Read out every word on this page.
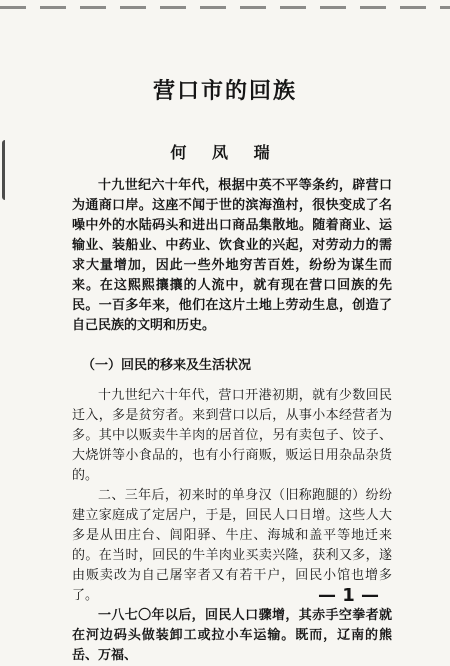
营口市的回族
何 凤 瑞

十九世纪六十年代，根据中英不平等条约，辟营口为通商口岸。这座不闻于世的滨海渔村，很快变成了名噪中外的水陆码头和进出口商品集散地。随着商业、运输业、装船业、中药业、饮食业的兴起，对劳动力的需求大量增加，因此一些外地穷苦百姓，纷纷为谋生而来。在这熙熙攘攘的人流中，就有现在营口回族的先民。一百多年来，他们在这片土地上劳动生息，创造了自己民族的文明和历史。

（一）回民的移来及生活状况

十九世纪六十年代，营口开港初期，就有少数回民迁入，多是贫穷者。来到营口以后，从事小本经营者为多。其中以贩卖牛羊肉的居首位，另有卖包子、饺子、大烧饼等小食品的，也有小行商贩，贩运日用杂品杂货的。

二、三年后，初来时的单身汉（旧称跑腿的）纷纷建立家庭成了定居户，于是，回民人口日增。这些人大多是从田庄台、闾阳驿、牛庄、海城和盖平等地迁来的。在当时，回民的牛羊肉业买卖兴隆，获利又多，遂由贩卖改为自己屠宰者又有若干户，回民小馆也增多了。

一八七〇年以后，回民人口骤增，其赤手空拳者就在河边码头做装卸工或拉小车运输。既而，辽南的熊岳、万福、

— 1 —
